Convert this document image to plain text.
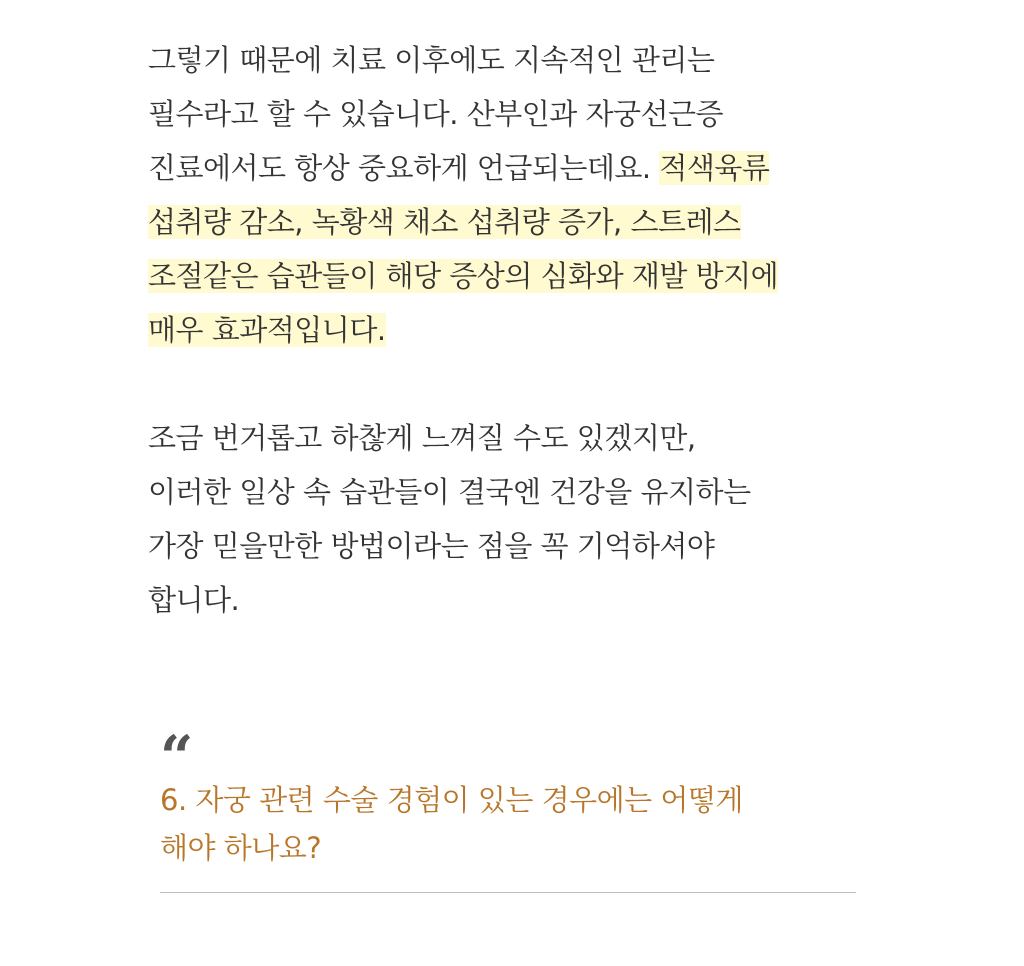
그렇기 때문에 치료 이후에도 지속적인 관리는
필수라고 할 수 있습니다. 산부인과 자궁선근증
진료에서도 항상 중요하게 언급되는데요. 적색육류
섭취량 감소, 녹황색 채소 섭취량 증가, 스트레스
조절같은 습관들이 해당 증상의 심화와 재발 방지에
매우 효과적입니다.

조금 번거롭고 하찮게 느껴질 수도 있겠지만,
이러한 일상 속 습관들이 결국엔 건강을 유지하는
가장 믿을만한 방법이라는 점을 꼭 기억하셔야
합니다.

“
6. 자궁 관련 수술 경험이 있는 경우에는 어떻게
해야 하나요?
